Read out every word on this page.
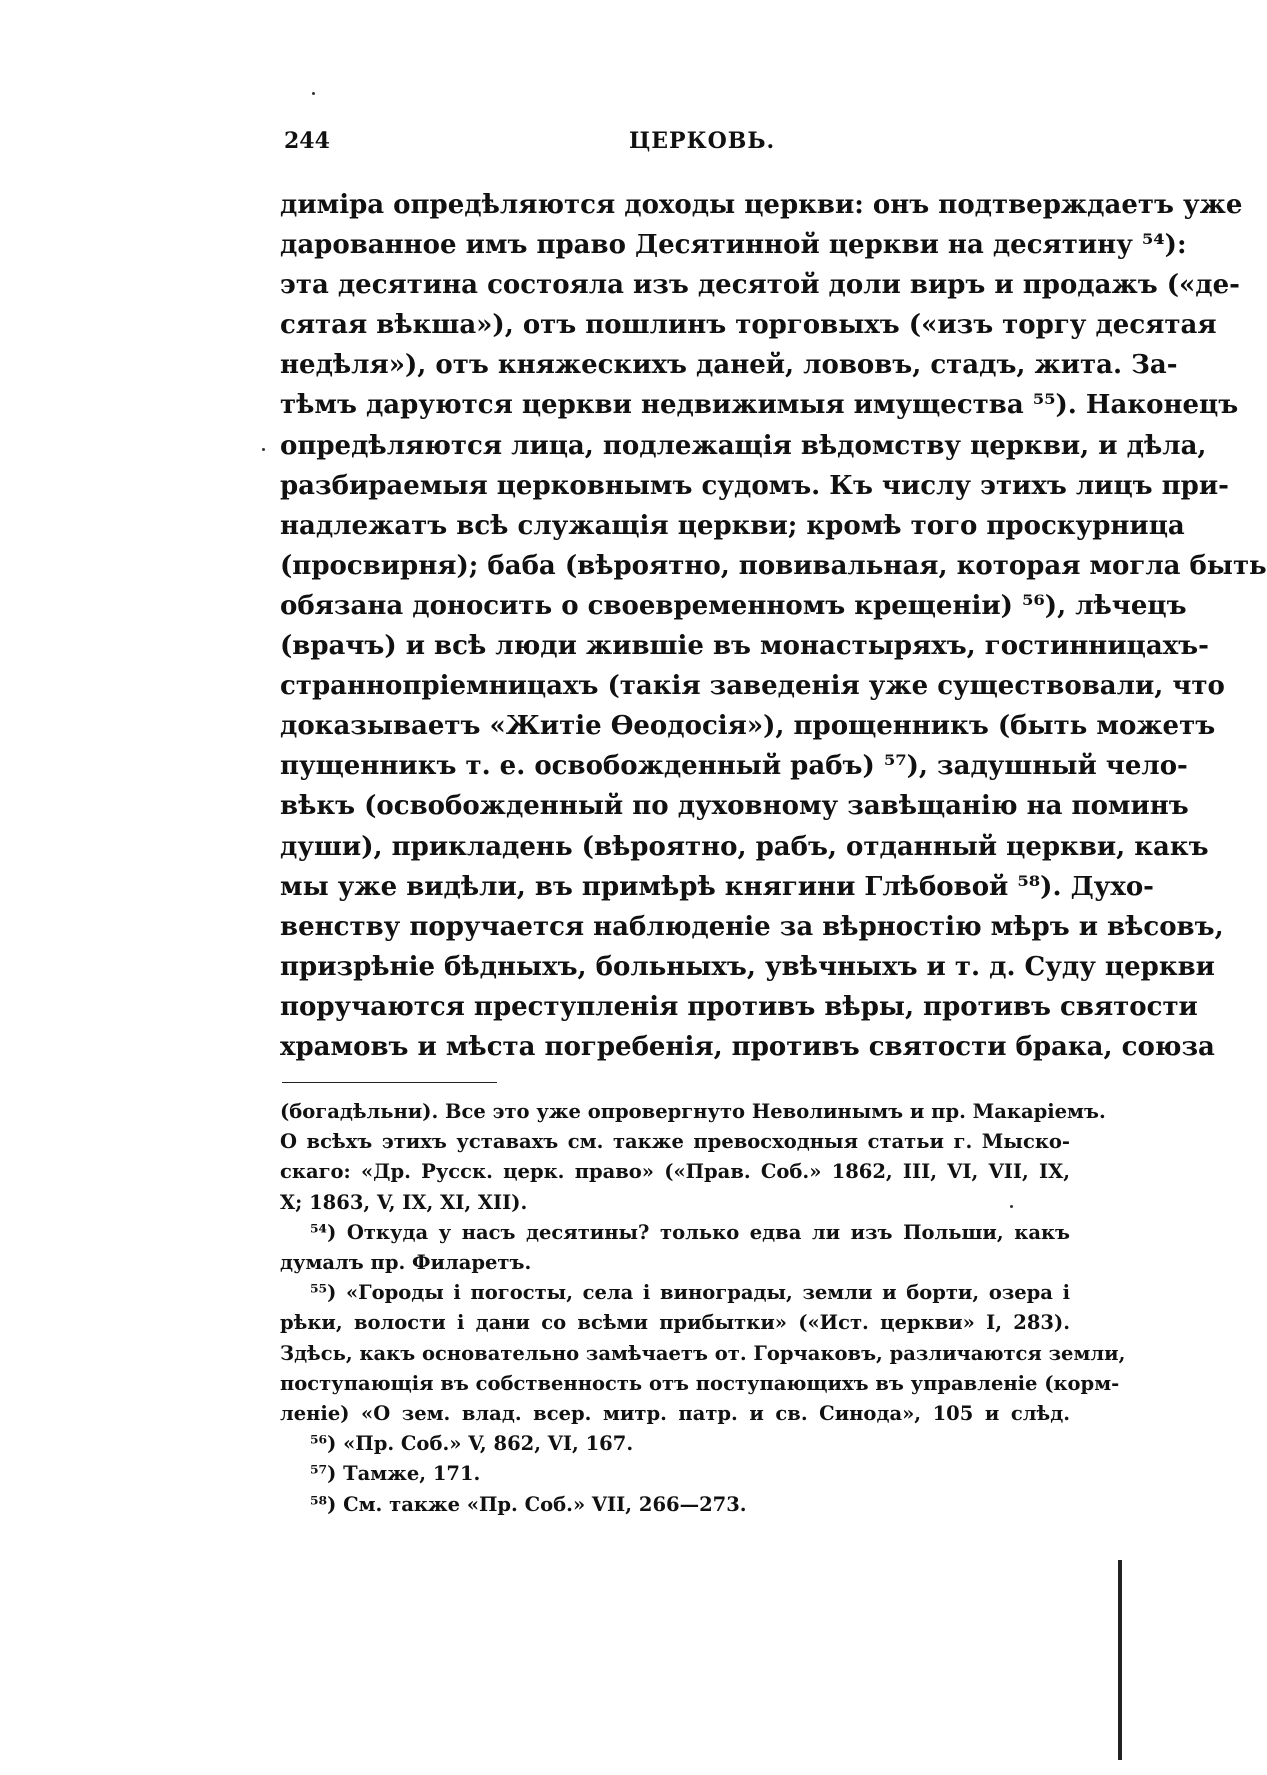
244	ЦЕРКОВЬ.
димiра опредѣляются доходы церкви: онъ подтверждаетъ уже
дарованное имъ право Десятинной церкви на десятину ⁵⁴):
эта десятина состояла изъ десятой доли виръ и продажъ («де-
сятая вѣкша»), отъ пошлинъ торговыхъ («изъ торгу десятая
недѣля»), отъ княжескихъ даней, лововъ, стадъ, жита. За-
тѣмъ даруются церкви недвижимыя имущества ⁵⁵). Наконецъ
опредѣляются лица, подлежащiя вѣдомству церкви, и дѣла,
разбираемыя церковнымъ судомъ. Къ числу этихъ лицъ при-
надлежатъ всѣ служащiя церкви; кромѣ того проскурница
(просвирня); баба (вѣроятно, повивальная, которая могла быть
обязана доносить о своевременномъ крещенiи) ⁵⁶), лѣчецъ
(врачъ) и всѣ люди жившiе въ монастыряхъ, гостинницахъ-
страннопрiемницахъ (такiя заведенiя уже существовали, что
доказываетъ «Житiе Өеодосiя»), прощенникъ (быть можетъ
пущенникъ т. е. освобожденный рабъ) ⁵⁷), задушный чело-
вѣкъ (освобожденный по духовному завѣщанiю на поминъ
души), прикладень (вѣроятно, рабъ, отданный церкви, какъ
мы уже видѣли, въ примѣрѣ княгини Глѣбовой ⁵⁸). Духо-
венству поручается наблюденiе за вѣрностiю мѣръ и вѣсовъ,
призрѣнiе бѣдныхъ, больныхъ, увѣчныхъ и т. д. Суду церкви
поручаются преступленiя противъ вѣры, противъ святости
храмовъ и мѣста погребенiя, противъ святости брака, союза
(богадѣльни). Все это уже опровергнуто Неволинымъ и пр. Макарiемъ.
О всѣхъ этихъ уставахъ см. также превосходныя статьи г. Мыско-
скаго: «Др. Русск. церк. право» («Прав. Соб.» 1862, III, VI, VII, IX,
X; 1863, V, IX, XI, XII).
⁵⁴) Откуда у насъ десятины? только едва ли изъ Польши, какъ
думалъ пр. Филаретъ.
⁵⁵) «Городы i погосты, села i винограды, земли и борти, озера i
рѣки, волости i дани со всѣми прибытки» («Ист. церкви» I, 283).
Здѣсь, какъ основательно замѣчаетъ от. Горчаковъ, различаются земли,
поступающiя въ собственность отъ поступающихъ въ управленiе (корм-
ленiе) «О зем. влад. всер. митр. патр. и св. Синода», 105 и слѣд.
⁵⁶) «Пр. Соб.» V, 862, VI, 167.
⁵⁷) Тамже, 171.
⁵⁸) См. также «Пр. Соб.» VII, 266—273.
